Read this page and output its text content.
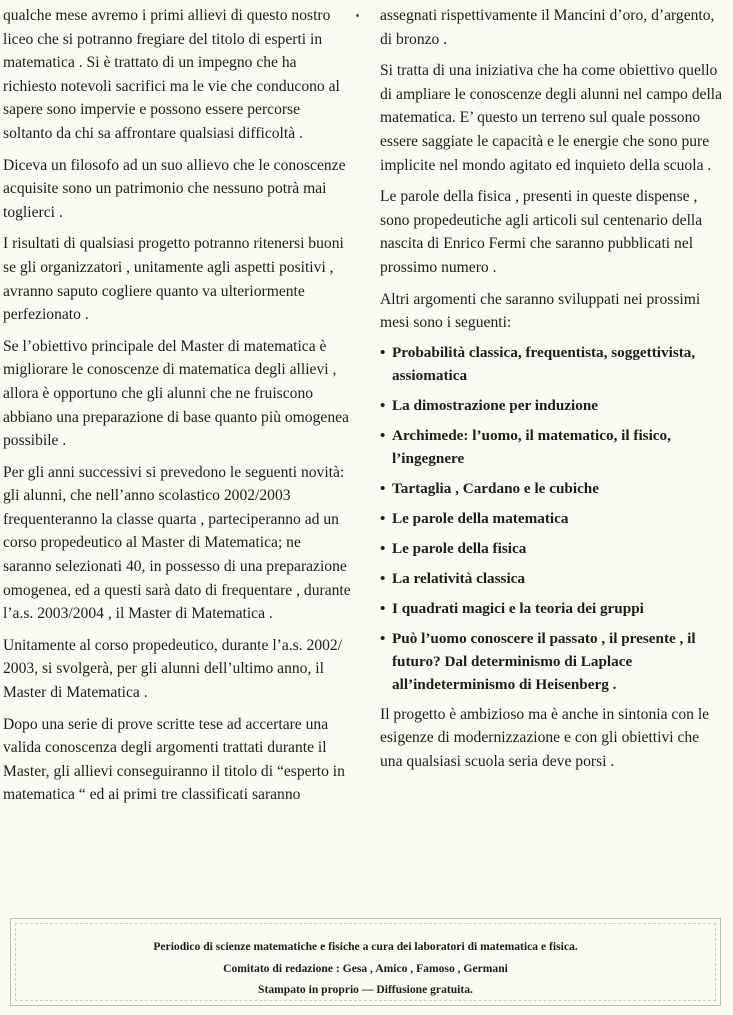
qualche mese avremo i primi allievi di questo nostro liceo che si potranno fregiare del titolo di esperti in matematica . Si è trattato di un impegno che ha richiesto notevoli sacrifici ma le vie che conducono al sapere sono impervie e possono essere percorse soltanto da chi sa affrontare qualsiasi difficoltà .

Diceva un filosofo ad un suo allievo che le conoscenze acquisite sono un patrimonio che nessuno potrà mai toglierci .

I risultati di qualsiasi progetto potranno ritenersi buoni se gli organizzatori , unitamente agli aspetti positivi , avranno saputo cogliere quanto va ulteriormente perfezionato .

Se l’obiettivo principale del Master di matematica è migliorare le conoscenze di matematica degli allievi , allora è opportuno che gli alunni che ne fruiscono abbiano una preparazione di base quanto più omogenea possibile .

Per gli anni successivi si prevedono le seguenti novità: gli alunni, che nell’anno scolastico 2002/2003 frequenteranno la classe quarta , parteciperanno ad un corso propedeutico al Master di Matematica; ne saranno selezionati 40, in possesso di una preparazione omogenea, ed a questi sarà dato di frequentare , durante l’a.s. 2003/2004 , il Master di Matematica .

Unitamente al corso propedeutico, durante l’a.s. 2002/ 2003, si svolgerà, per gli alunni dell’ultimo anno, il Master di Matematica .

Dopo una serie di prove scritte tese ad accertare una valida conoscenza degli argomenti trattati durante il Master, gli allievi conseguiranno il titolo di “esperto in matematica “ ed ai primi tre classificati saranno

assegnati rispettivamente il Mancini d’oro, d’argento, di bronzo .

Si tratta di una iniziativa che ha come obiettivo quello di ampliare le conoscenze degli alunni nel campo della matematica. E’ questo un terreno sul quale possono essere saggiate le capacità e le energie che sono pure implicite nel mondo agitato ed inquieto della scuola .

Le parole della fisica , presenti in queste dispense , sono propedeutiche agli articoli sul centenario della nascita di Enrico Fermi che saranno pubblicati nel prossimo numero .

Altri argomenti che saranno sviluppati nei prossimi mesi sono i seguenti:

• Probabilità classica, frequentista, soggettivista, assiomatica
• La dimostrazione per induzione
• Archimede: l’uomo, il matematico, il fisico, l’ingegnere
• Tartaglia , Cardano e le cubiche
• Le parole della matematica
• Le parole della fisica
• La relatività classica
• I quadrati magici e la teoria dei gruppi
• Può l’uomo conoscere il passato , il presente , il futuro? Dal determinismo di Laplace all’indeterminismo di Heisenberg .

Il progetto è ambizioso ma è anche in sintonia con le esigenze di modernizzazione e con gli obiettivi che una qualsiasi scuola seria deve porsi .

Periodico di scienze matematiche e fisiche a cura dei laboratori di matematica e fisica.
Comitato di redazione : Gesa , Amico , Famoso , Germani
Stampato in proprio — Diffusione gratuita.
